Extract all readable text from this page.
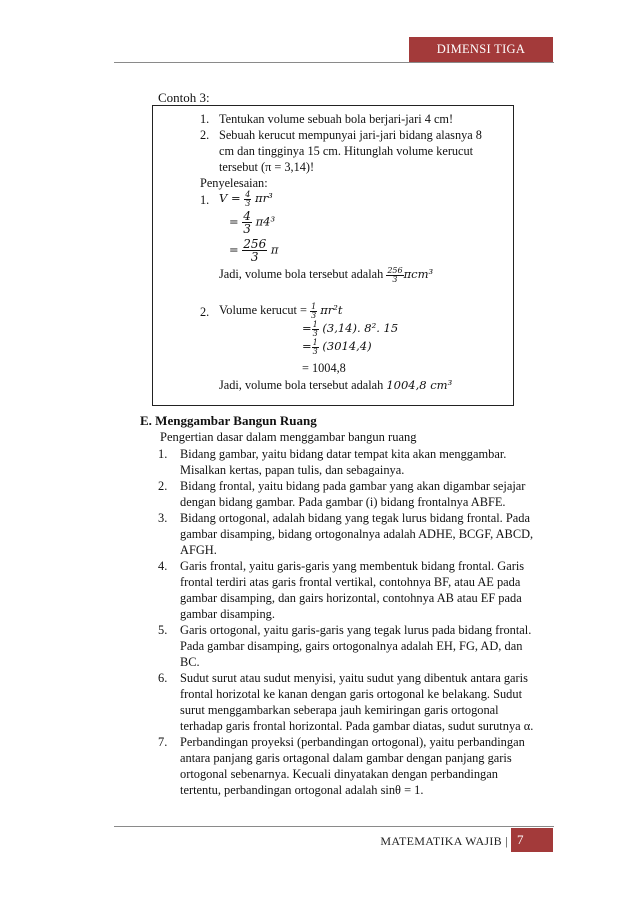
DIMENSI TIGA
Contoh 3:
1. Tentukan volume sebuah bola berjari-jari 4 cm!
2. Sebuah kerucut mempunyai jari-jari bidang alasnya 8
cm dan tingginya 15 cm. Hitunglah volume kerucut
tersebut (π = 3,14)!
Penyelesaian:
1. $V = \frac{4}{3} \pi r^3$
= $\frac{4}{3} \pi 4^3$
= $\frac{256}{3}$ π
Jadi, volume bola tersebut adalah $\frac{256}{3} \pi cm^3$
2. Volume kerucut = $\frac{1}{3} \pi r^2t$
= $\frac{1}{3} (3,14)$. 8². 15
= $\frac{1}{3} (3014,4)$
= 1004,8
Jadi, volume bola tersebut adalah 1004,8 cm³
E. Menggambar Bangun Ruang
Pengertian dasar dalam menggambar bangun ruang
1. Bidang gambar, yaitu bidang datar tempat kita akan menggambar. Misalkan kertas, papan tulis, dan sebagainya.
2. Bidang frontal, yaitu bidang pada gambar yang akan digambar sejajar dengan bidang gambar. Pada gambar (i) bidang frontalnya ABFE.
3. Bidang ortogonal, adalah bidang yang tegak lurus bidang frontal. Pada gambar disamping, bidang ortogonalnya adalah ADHE, BCGF, ABCD, AFGH.
4. Garis frontal, yaitu garis-garis yang membentuk bidang frontal. Garis frontal terdiri atas garis frontal vertikal, contohnya BF, atau AE pada gambar disamping, dan gairs horizontal, contohnya AB atau EF pada gambar disamping.
5. Garis ortogonal, yaitu garis-garis yang tegak lurus pada bidang frontal. Pada gambar disamping, gairs ortogonalnya adalah EH, FG, AD, dan BC.
6. Sudut surut atau sudut menyisi, yaitu sudut yang dibentuk antara garis frontal horizotal ke kanan dengan garis ortogonal ke belakang. Sudut surut menggambarkan seberapa jauh kemiringan garis ortogonal terhadap garis frontal horizontal. Pada gambar diatas, sudut surutnya α.
7. Perbandingan proyeksi (perbandingan ortogonal), yaitu perbandingan antara panjang garis ortagonal dalam gambar dengan panjang garis ortogonal sebenarnya. Kecuali dinyatakan dengan perbandingan tertentu, perbandingan ortogonal adalah sinθ = 1.
MATEMATIKA WAJIB | 7
